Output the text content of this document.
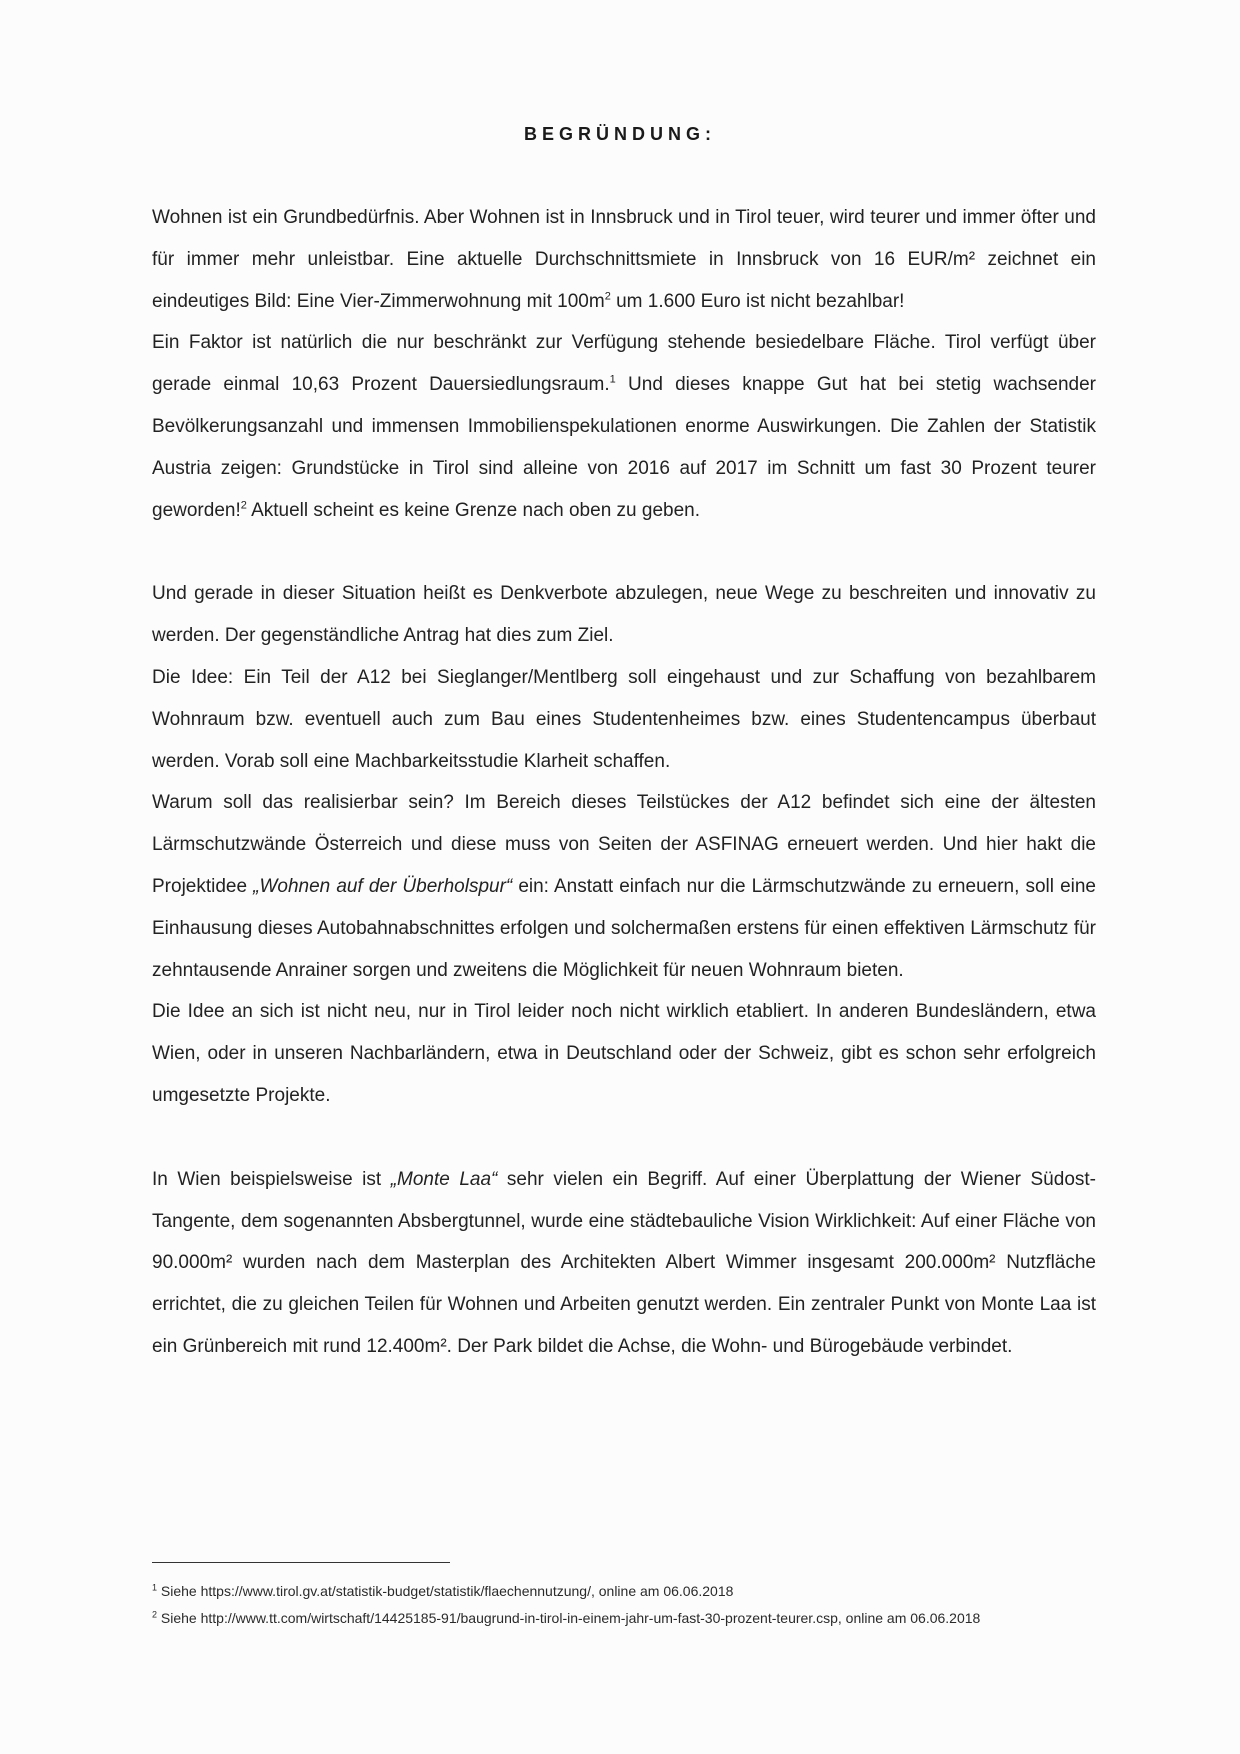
BEGRÜNDUNG:

Wohnen ist ein Grundbedürfnis. Aber Wohnen ist in Innsbruck und in Tirol teuer, wird teurer und immer öfter und für immer mehr unleistbar. Eine aktuelle Durchschnittsmiete in Innsbruck von 16 EUR/m² zeichnet ein eindeutiges Bild: Eine Vier-Zimmerwohnung mit $100m^2$ um 1.600 Euro ist nicht bezahlbar!

Ein Faktor ist natürlich die nur beschränkt zur Verfügung stehende besiedelbare Fläche. Tirol verfügt über gerade einmal 10,63 Prozent Dauersiedlungsraum.$^1$ Und dieses knappe Gut hat bei stetig wachsender Bevölkerungsanzahl und immensen Immobilienspekulationen enorme Auswirkungen. Die Zahlen der Statistik Austria zeigen: Grundstücke in Tirol sind alleine von 2016 auf 2017 im Schnitt um fast 30 Prozent teurer geworden!$^2$ Aktuell scheint es keine Grenze nach oben zu geben.

Und gerade in dieser Situation heißt es Denkverbote abzulegen, neue Wege zu beschreiten und innovativ zu werden. Der gegenständliche Antrag hat dies zum Ziel.

Die Idee: Ein Teil der A12 bei Sieglanger/Mentlberg soll eingehaust und zur Schaffung von bezahlbarem Wohnraum bzw. eventuell auch zum Bau eines Studentenheimes bzw. eines Studentencampus überbaut werden. Vorab soll eine Machbarkeitsstudie Klarheit schaffen.

Warum soll das realisierbar sein? Im Bereich dieses Teilstückes der A12 befindet sich eine der ältesten Lärmschutzwände Österreich und diese muss von Seiten der ASFINAG erneuert werden. Und hier hakt die Projektidee „Wohnen auf der Überholspur“ ein: Anstatt einfach nur die Lärmschutzwände zu erneuern, soll eine Einhausung dieses Autobahnabschnittes erfolgen und solchermaßen erstens für einen effektiven Lärmschutz für zehntausende Anrainer sorgen und zweitens die Möglichkeit für neuen Wohnraum bieten.

Die Idee an sich ist nicht neu, nur in Tirol leider noch nicht wirklich etabliert. In anderen Bundesländern, etwa Wien, oder in unseren Nachbarländern, etwa in Deutschland oder der Schweiz, gibt es schon sehr erfolgreich umgesetzte Projekte.

In Wien beispielsweise ist „Monte Laa“ sehr vielen ein Begriff. Auf einer Überplattung der Wiener Südost-Tangente, dem sogenannten Absbergtunnel, wurde eine städtebauliche Vision Wirklichkeit: Auf einer Fläche von 90.000m² wurden nach dem Masterplan des Architekten Albert Wimmer insgesamt 200.000m² Nutzfläche errichtet, die zu gleichen Teilen für Wohnen und Arbeiten genutzt werden. Ein zentraler Punkt von Monte Laa ist ein Grünbereich mit rund 12.400m². Der Park bildet die Achse, die Wohn- und Bürogebäude verbindet.

$^1$ Siehe https://www.tirol.gv.at/statistik-budget/statistik/flaechennutzung/, online am 06.06.2018

$^2$ Siehe http://www.tt.com/wirtschaft/14425185-91/baugrund-in-tirol-in-einem-jahr-um-fast-30-prozent-teurer.csp, online am 06.06.2018
